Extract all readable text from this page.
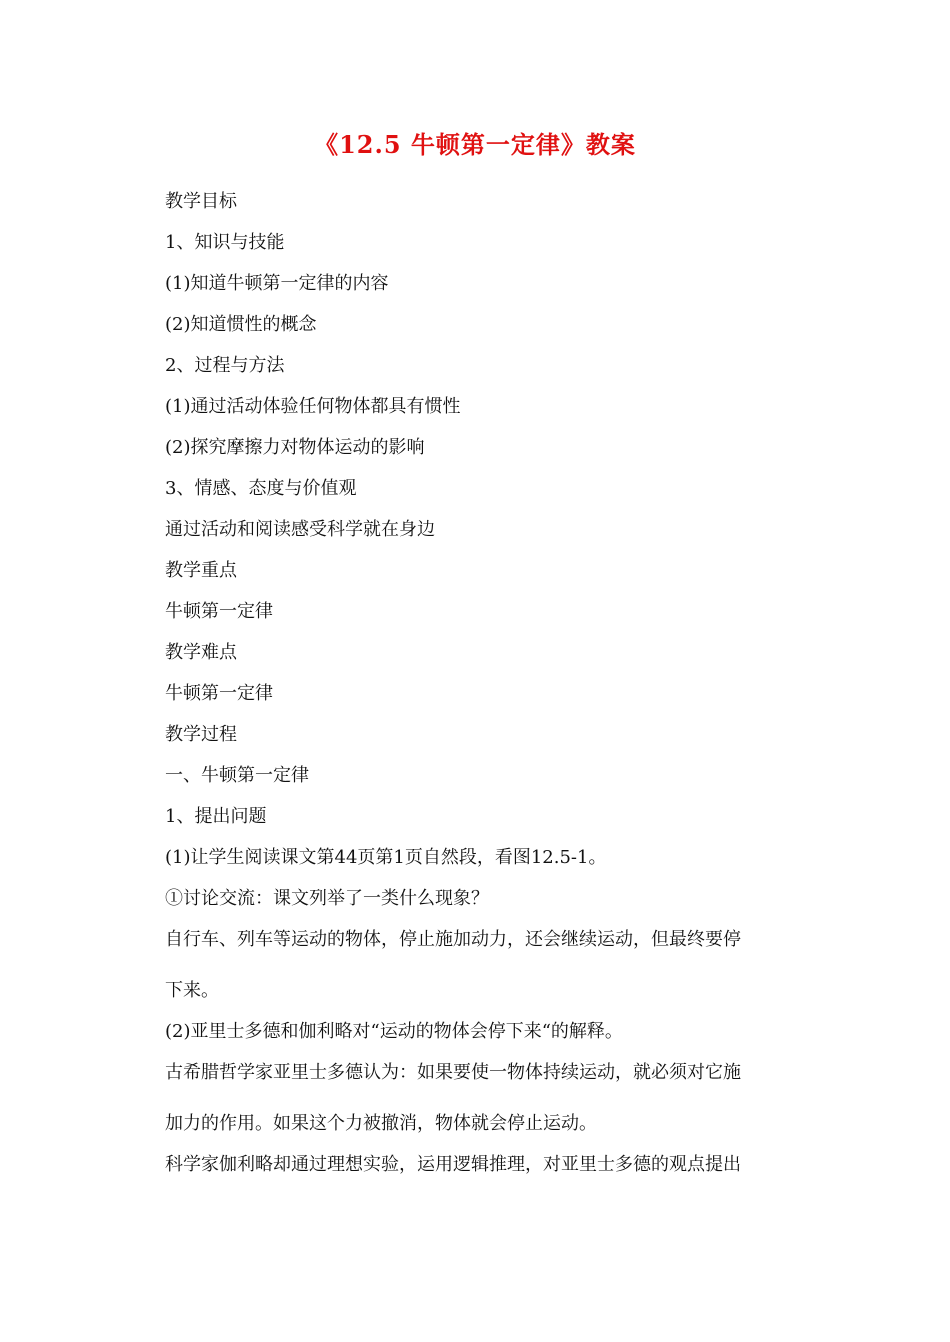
《12.5 牛顿第一定律》教案

教学目标

1、知识与技能

(1)知道牛顿第一定律的内容

(2)知道惯性的概念

2、过程与方法

(1)通过活动体验任何物体都具有惯性

(2)探究摩擦力对物体运动的影响

3、情感、态度与价值观

通过活动和阅读感受科学就在身边

教学重点

牛顿第一定律

教学难点

牛顿第一定律

教学过程

一、牛顿第一定律

1、提出问题

(1)让学生阅读课文第44页第1页自然段，看图12.5-1。

①讨论交流：课文列举了一类什么现象？

自行车、列车等运动的物体，停止施加动力，还会继续运动，但最终要停

下来。

(2)亚里士多德和伽利略对“运动的物体会停下来“的解释。

古希腊哲学家亚里士多德认为：如果要使一物体持续运动，就必须对它施

加力的作用。如果这个力被撤消，物体就会停止运动。

科学家伽利略却通过理想实验，运用逻辑推理，对亚里士多德的观点提出
